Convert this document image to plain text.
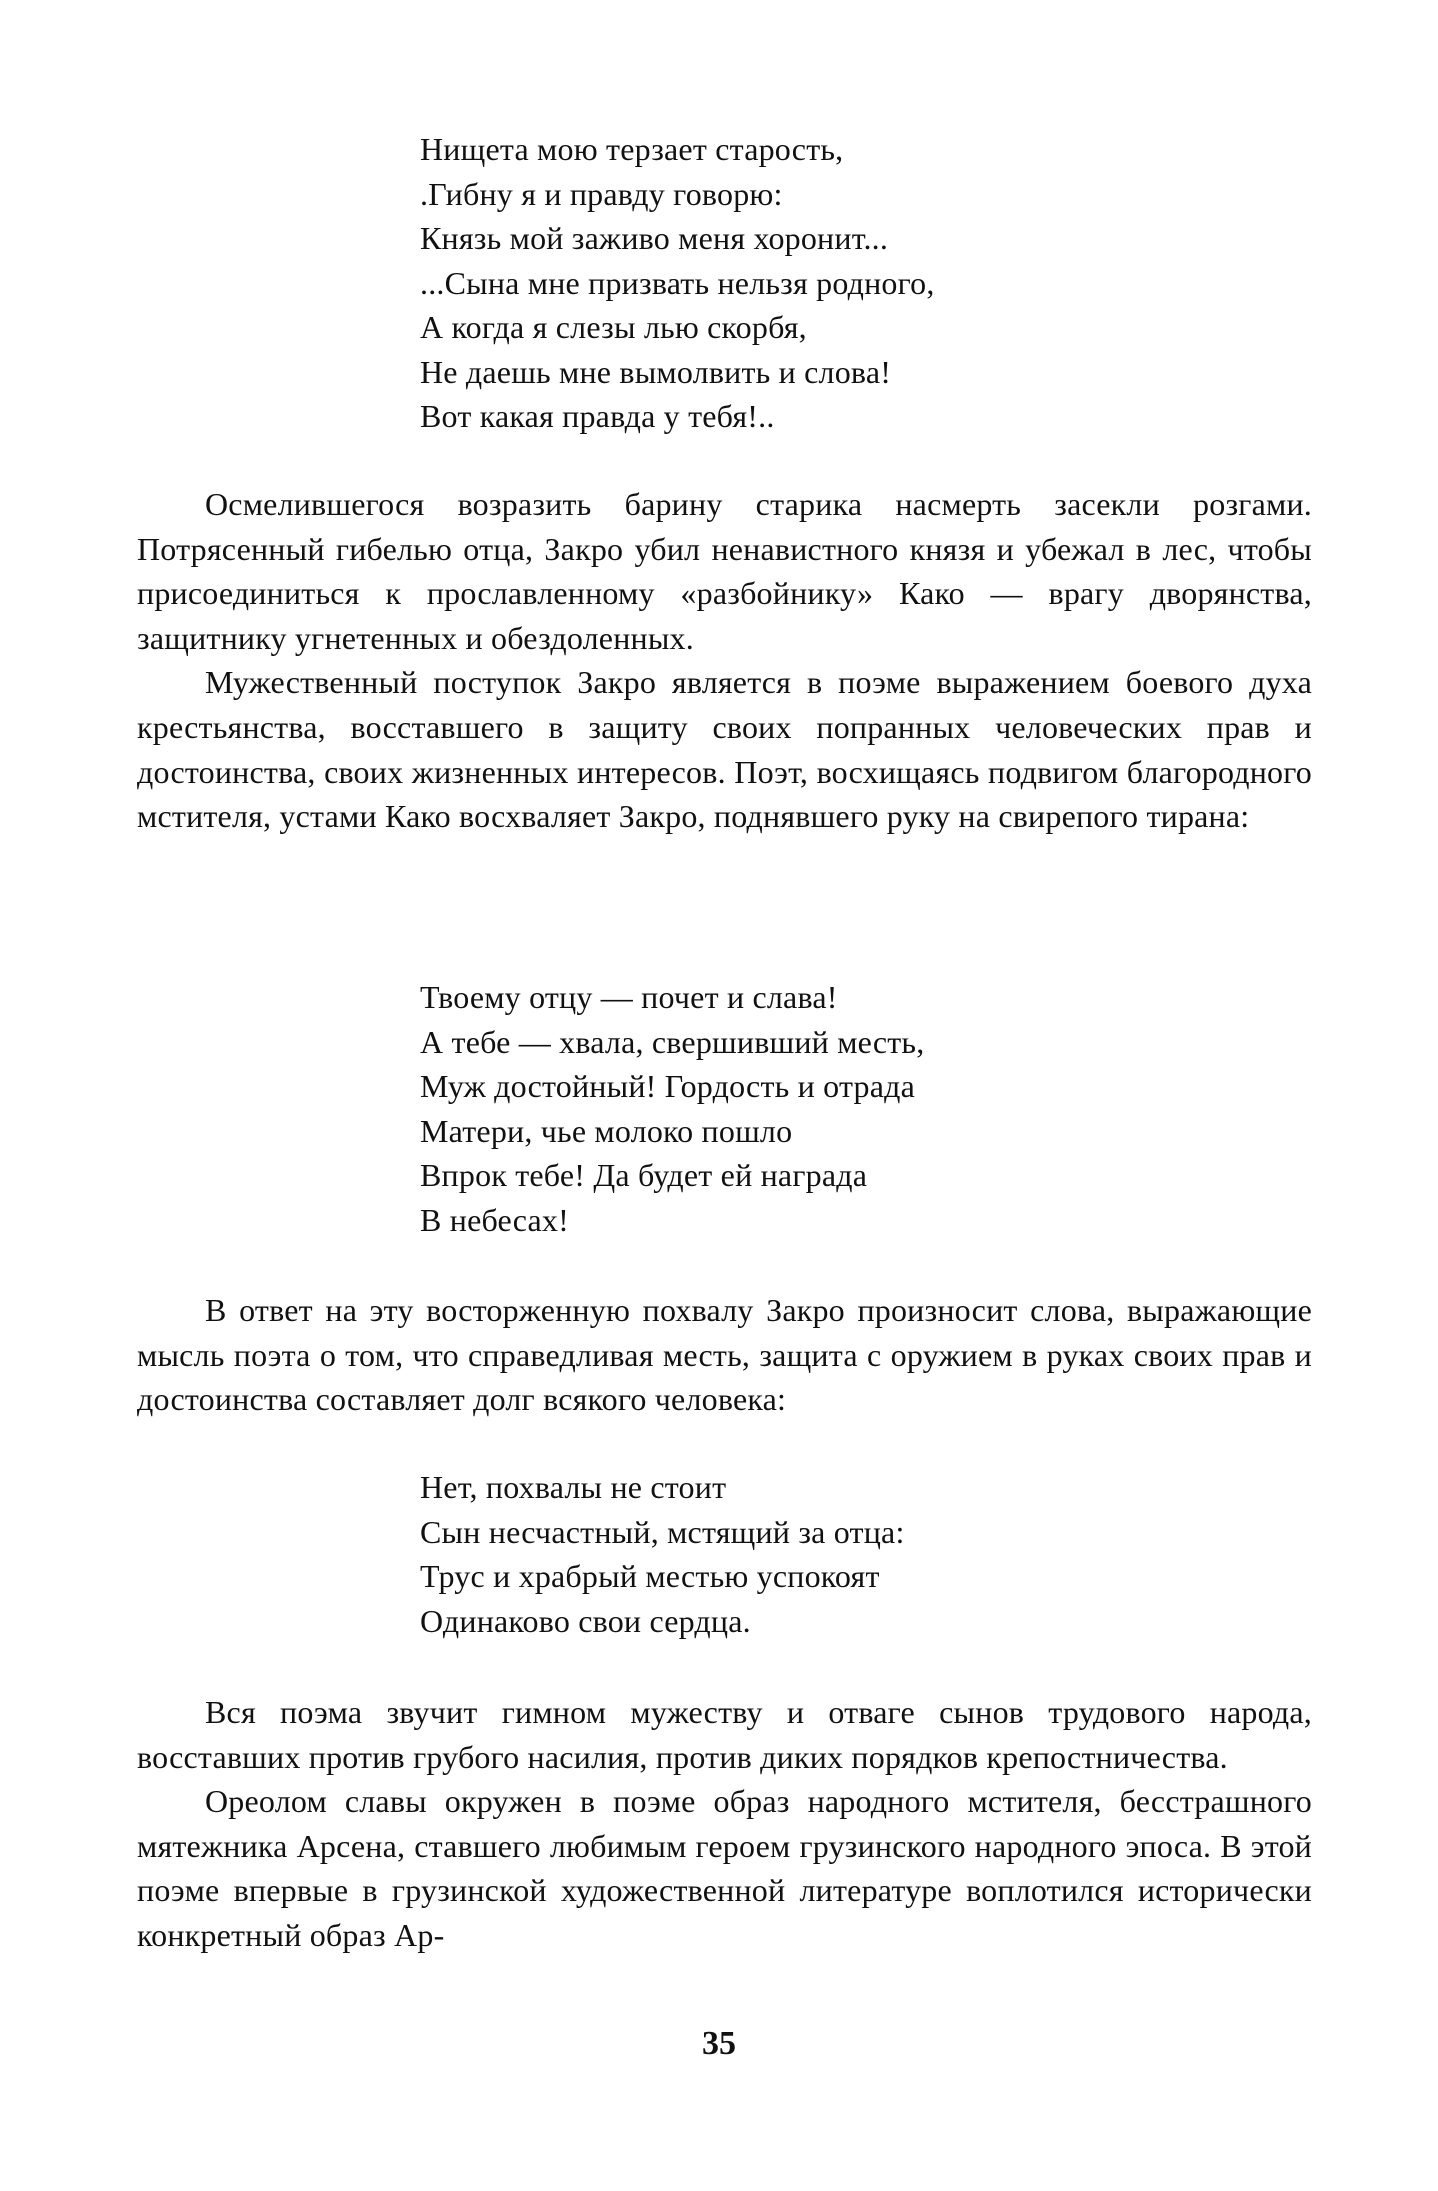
Нищета мою терзает старость,
.Гибну я и правду говорю:
Князь мой заживо меня хоронит...
...Сына мне призвать нельзя родного,
А когда я слезы лью скорбя,
Не даешь мне вымолвить и слова!
Вот какая правда у тебя!..

Осмелившегося возразить барину старика насмерть засекли розгами. Потрясенный гибелью отца, Закро убил ненавистного князя и убежал в лес, чтобы присоединиться к прославленному «разбойнику» Како — врагу дворянства, защитнику угнетенных и обездоленных.

Мужественный поступок Закро является в поэме выражением боевого духа крестьянства, восставшего в защиту своих попранных человеческих прав и достоинства, своих жизненных интересов. Поэт, восхищаясь подвигом благородного мстителя, устами Како восхваляет Закро, поднявшего руку на свирепого тирана:

Твоему отцу — почет и слава!
А тебе — хвала, свершивший месть,
Муж достойный! Гордость и отрада
Матери, чье молоко пошло
Впрок тебе! Да будет ей награда
В небесах!

В ответ на эту восторженную похвалу Закро произносит слова, выражающие мысль поэта о том, что справедливая месть, защита с оружием в руках своих прав и достоинства составляет долг всякого человека:

Нет, похвалы не стоит
Сын несчастный, мстящий за отца:
Трус и храбрый местью успокоят
Одинаково свои сердца.

Вся поэма звучит гимном мужеству и отваге сынов трудового народа, восставших против грубого насилия, против диких порядков крепостничества.

Ореолом славы окружен в поэме образ народного мстителя, бесстрашного мятежника Арсена, ставшего любимым героем грузинского народного эпоса. В этой поэме впервые в грузинской художественной литературе воплотился исторически конкретный образ Ар-

35
